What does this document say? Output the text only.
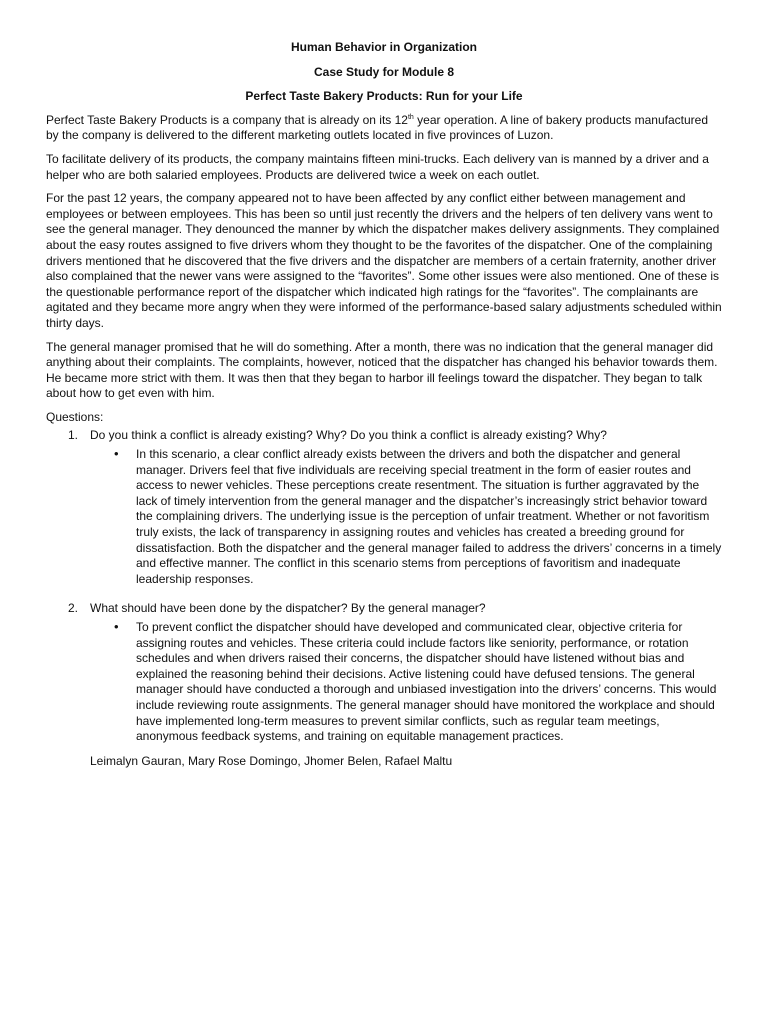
Human Behavior in Organization
Case Study for Module 8
Perfect Taste Bakery Products: Run for your Life

Perfect Taste Bakery Products is a company that is already on its 12th year operation. A line of bakery products manufactured by the company is delivered to the different marketing outlets located in five provinces of Luzon.

To facilitate delivery of its products, the company maintains fifteen mini-trucks. Each delivery van is manned by a driver and a helper who are both salaried employees. Products are delivered twice a week on each outlet.

For the past 12 years, the company appeared not to have been affected by any conflict either between management and employees or between employees. This has been so until just recently the drivers and the helpers of ten delivery vans went to see the general manager. They denounced the manner by which the dispatcher makes delivery assignments. They complained about the easy routes assigned to five drivers whom they thought to be the favorites of the dispatcher. One of the complaining drivers mentioned that he discovered that the five drivers and the dispatcher are members of a certain fraternity, another driver also complained that the newer vans were assigned to the “favorites”. Some other issues were also mentioned. One of these is the questionable performance report of the dispatcher which indicated high ratings for the “favorites”. The complainants are agitated and they became more angry when they were informed of the performance-based salary adjustments scheduled within thirty days.

The general manager promised that he will do something. After a month, there was no indication that the general manager did anything about their complaints. The complaints, however, noticed that the dispatcher has changed his behavior towards them. He became more strict with them. It was then that they began to harbor ill feelings toward the dispatcher. They began to talk about how to get even with him.

Questions:
1. Do you think a conflict is already existing? Why? Do you think a conflict is already existing? Why?
• In this scenario, a clear conflict already exists between the drivers and both the dispatcher and general manager. Drivers feel that five individuals are receiving special treatment in the form of easier routes and access to newer vehicles. These perceptions create resentment. The situation is further aggravated by the lack of timely intervention from the general manager and the dispatcher’s increasingly strict behavior toward the complaining drivers. The underlying issue is the perception of unfair treatment. Whether or not favoritism truly exists, the lack of transparency in assigning routes and vehicles has created a breeding ground for dissatisfaction. Both the dispatcher and the general manager failed to address the drivers’ concerns in a timely and effective manner. The conflict in this scenario stems from perceptions of favoritism and inadequate leadership responses.
2. What should have been done by the dispatcher? By the general manager?
• To prevent conflict the dispatcher should have developed and communicated clear, objective criteria for assigning routes and vehicles. These criteria could include factors like seniority, performance, or rotation schedules and when drivers raised their concerns, the dispatcher should have listened without bias and explained the reasoning behind their decisions. Active listening could have defused tensions. The general manager should have conducted a thorough and unbiased investigation into the drivers’ concerns. This would include reviewing route assignments. The general manager should have monitored the workplace and should have implemented long-term measures to prevent similar conflicts, such as regular team meetings, anonymous feedback systems, and training on equitable management practices.
Leimalyn Gauran, Mary Rose Domingo, Jhomer Belen, Rafael Maltu
